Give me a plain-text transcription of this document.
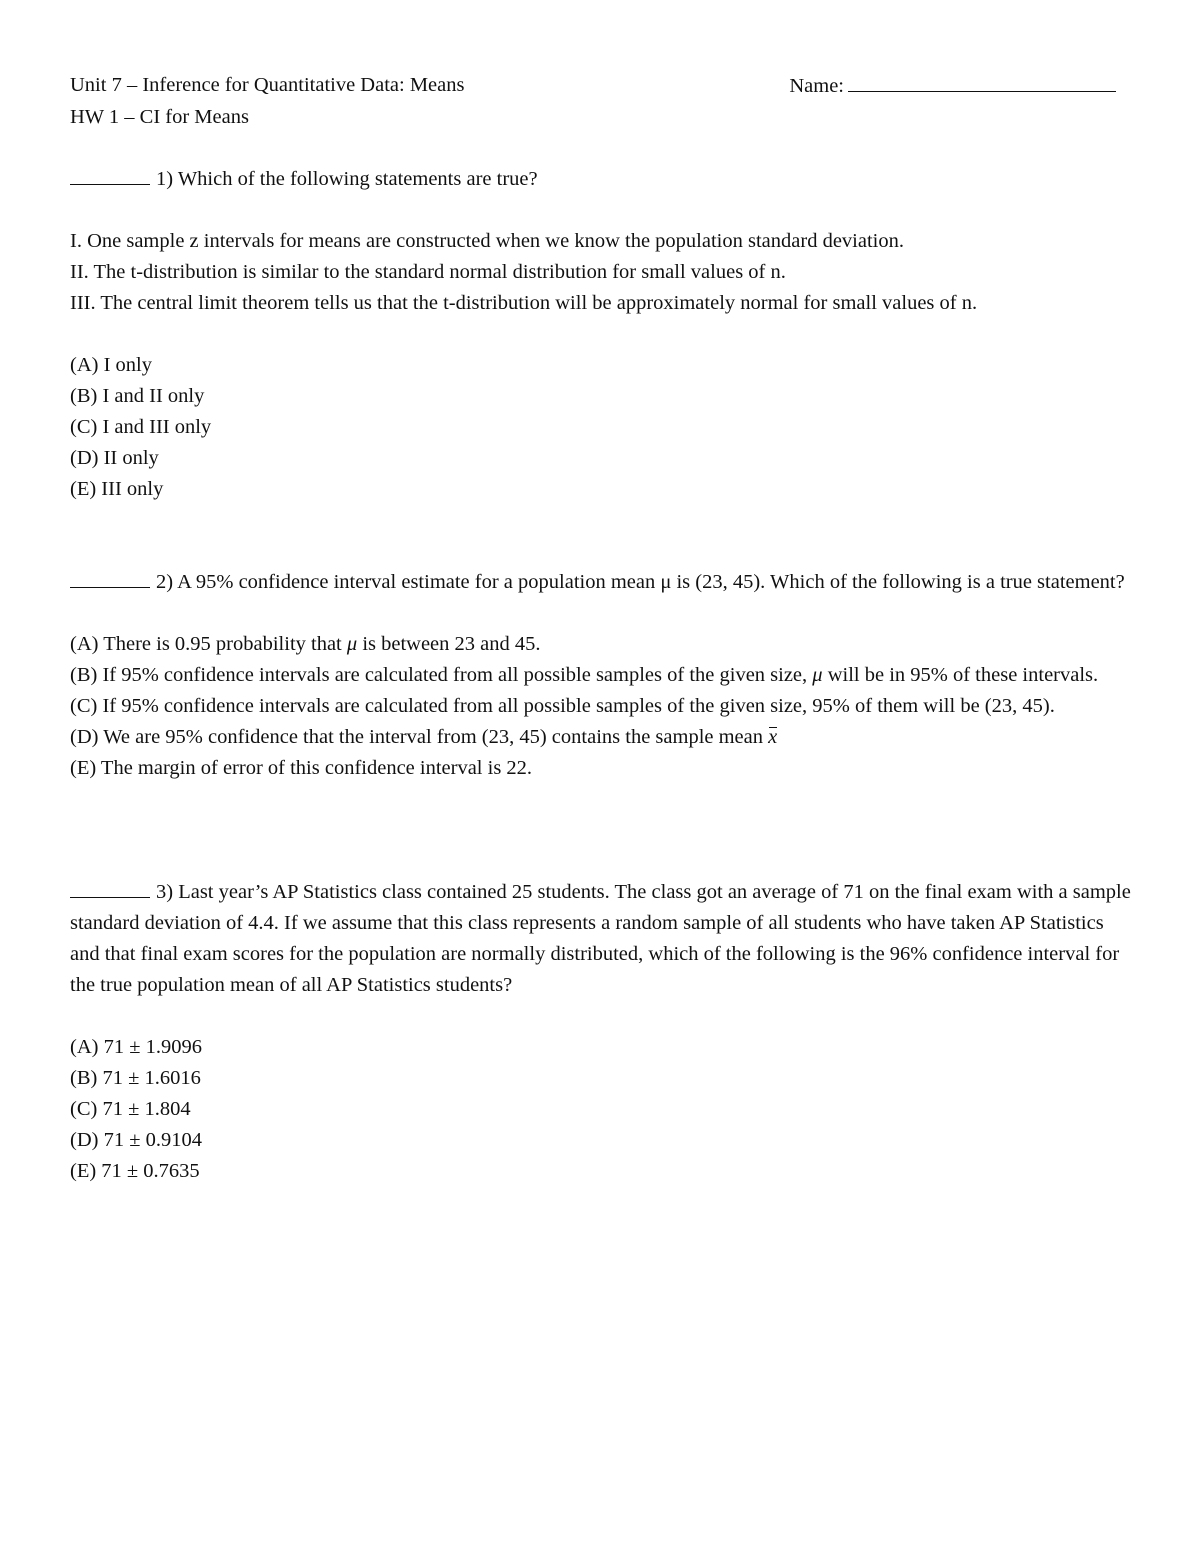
Unit 7 – Inference for Quantitative Data: Means	Name:
HW 1 – CI for Means
1) Which of the following statements are true?
I. One sample z intervals for means are constructed when we know the population standard deviation.
II. The t-distribution is similar to the standard normal distribution for small values of n.
III. The central limit theorem tells us that the t-distribution will be approximately normal for small values of n.
(A) I only
(B) I and II only
(C) I and III only
(D) II only
(E) III only
2) A 95% confidence interval estimate for a population mean μ is (23, 45). Which of the following is a true statement?
(A) There is 0.95 probability that μ is between 23 and 45.
(B) If 95% confidence intervals are calculated from all possible samples of the given size, μ will be in 95% of these intervals.
(C) If 95% confidence intervals are calculated from all possible samples of the given size, 95% of them will be (23, 45).
(D) We are 95% confidence that the interval from (23, 45) contains the sample mean x
(E) The margin of error of this confidence interval is 22.
3) Last year’s AP Statistics class contained 25 students. The class got an average of 71 on the final exam with a sample standard deviation of 4.4. If we assume that this class represents a random sample of all students who have taken AP Statistics and that final exam scores for the population are normally distributed, which of the following is the 96% confidence interval for the true population mean of all AP Statistics students?
(A) 71 ± 1.9096
(B) 71 ± 1.6016
(C) 71 ± 1.804
(D) 71 ± 0.9104
(E) 71 ± 0.7635
